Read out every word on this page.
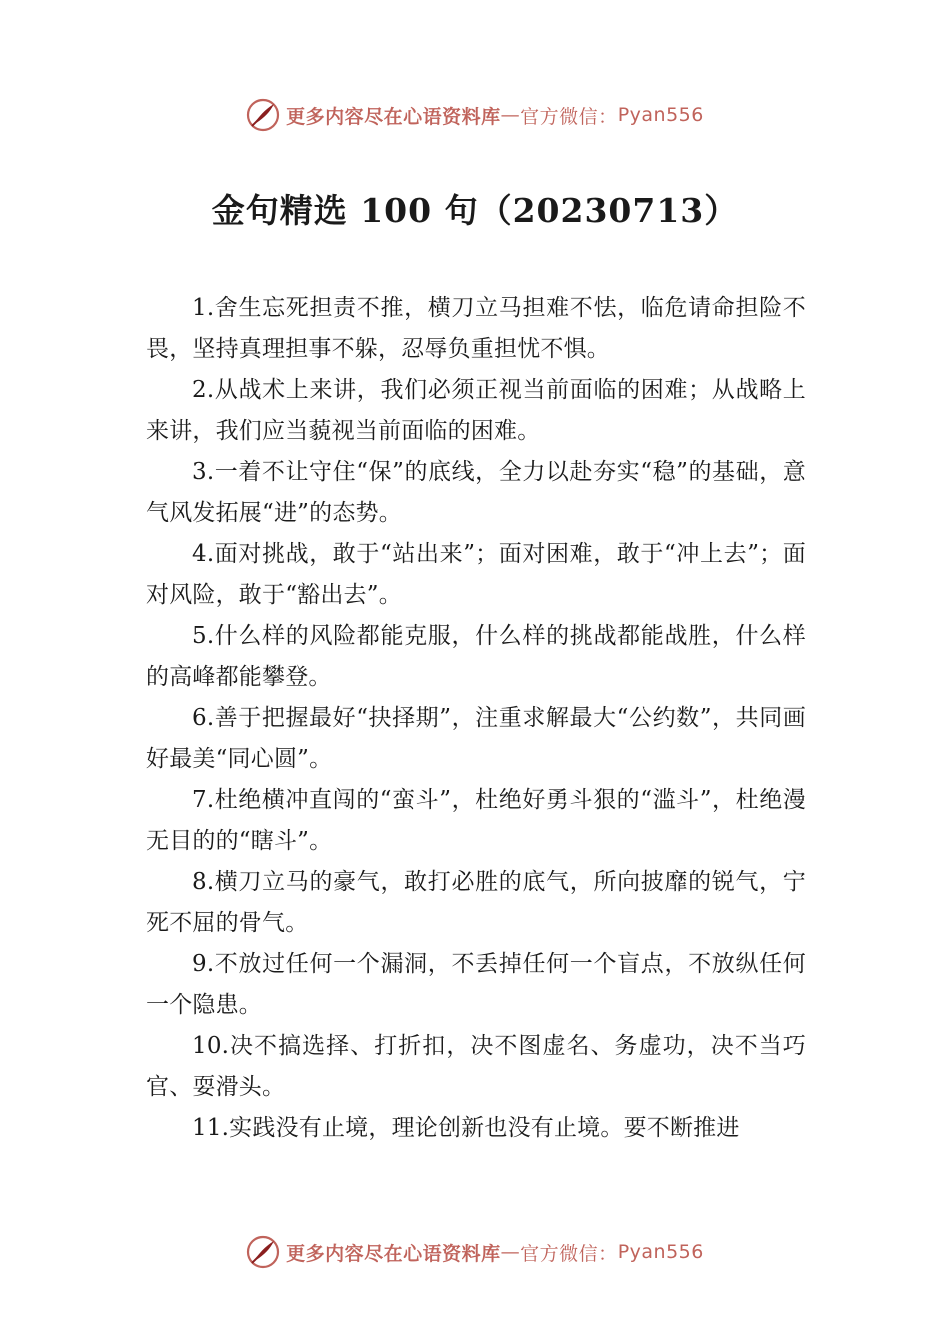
更多内容尽在心语资料库 — 官方微信： Pyan556
金句精选 100 句（20230713）

1.舍生忘死担责不推，横刀立马担难不怯，临危请命担险不畏，坚持真理担事不躲，忍辱负重担忧不惧。

2.从战术上来讲，我们必须正视当前面临的困难；从战略上来讲，我们应当藐视当前面临的困难。

3.一着不让守住“保”的底线，全力以赴夯实“稳”的基础，意气风发拓展“进”的态势。

4.面对挑战，敢于“站出来”；面对困难，敢于“冲上去”；面对风险，敢于“豁出去”。

5.什么样的风险都能克服，什么样的挑战都能战胜，什么样的高峰都能攀登。

6.善于把握最好“抉择期”，注重求解最大“公约数”，共同画好最美“同心圆”。

7.杜绝横冲直闯的“蛮斗”，杜绝好勇斗狠的“滥斗”，杜绝漫无目的的“瞎斗”。

8.横刀立马的豪气，敢打必胜的底气，所向披靡的锐气，宁死不屈的骨气。

9.不放过任何一个漏洞，不丢掉任何一个盲点，不放纵任何一个隐患。

10.决不搞选择、打折扣，决不图虚名、务虚功，决不当巧官、耍滑头。

11.实践没有止境，理论创新也没有止境。要不断推进

更多内容尽在心语资料库 — 官方微信： Pyan556
